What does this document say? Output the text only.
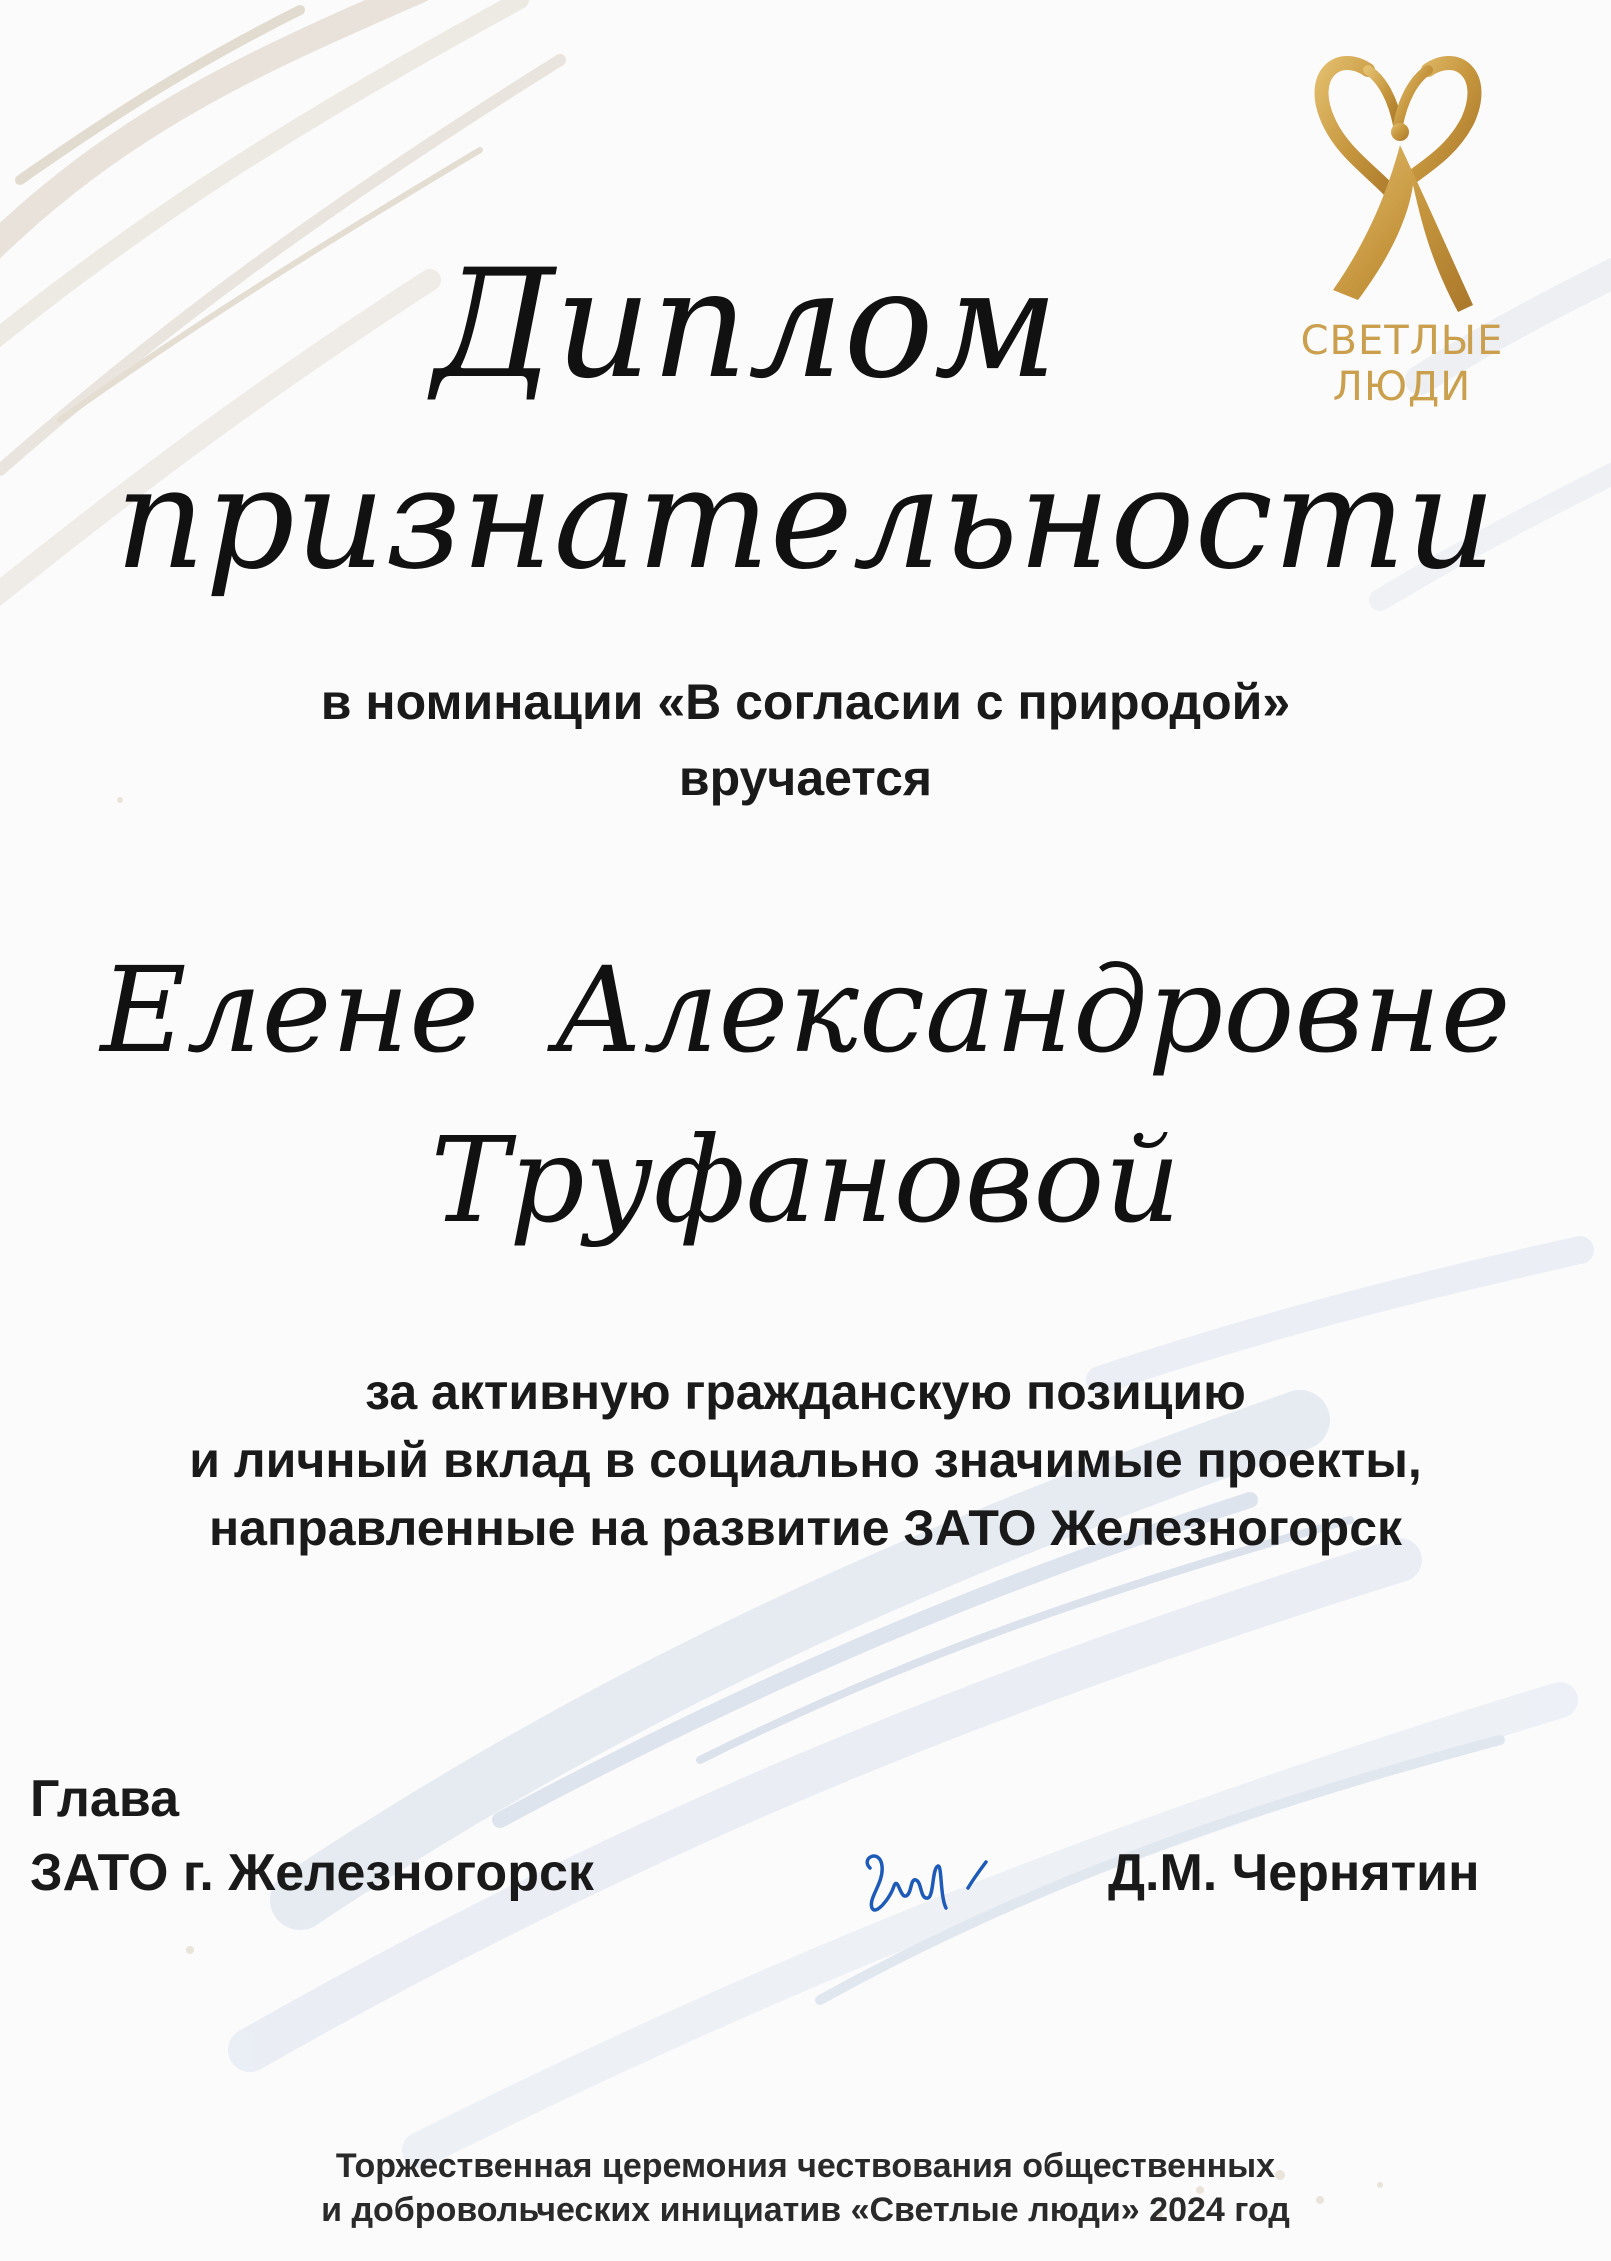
СВЕТЛЫЕ
ЛЮДИ
Диплом
признательности
в номинации «В согласии с природой»
вручается
Елене  Александровне
Труфановой
за активную гражданскую позицию
и личный вклад в социально значимые проекты,
направленные на развитие ЗАТО Железногорск
Глава
ЗАТО г. Железногорск	Д.М. Чернятин
Торжественная церемония чествования общественных
и добровольческих инициатив «Светлые люди» 2024 год
